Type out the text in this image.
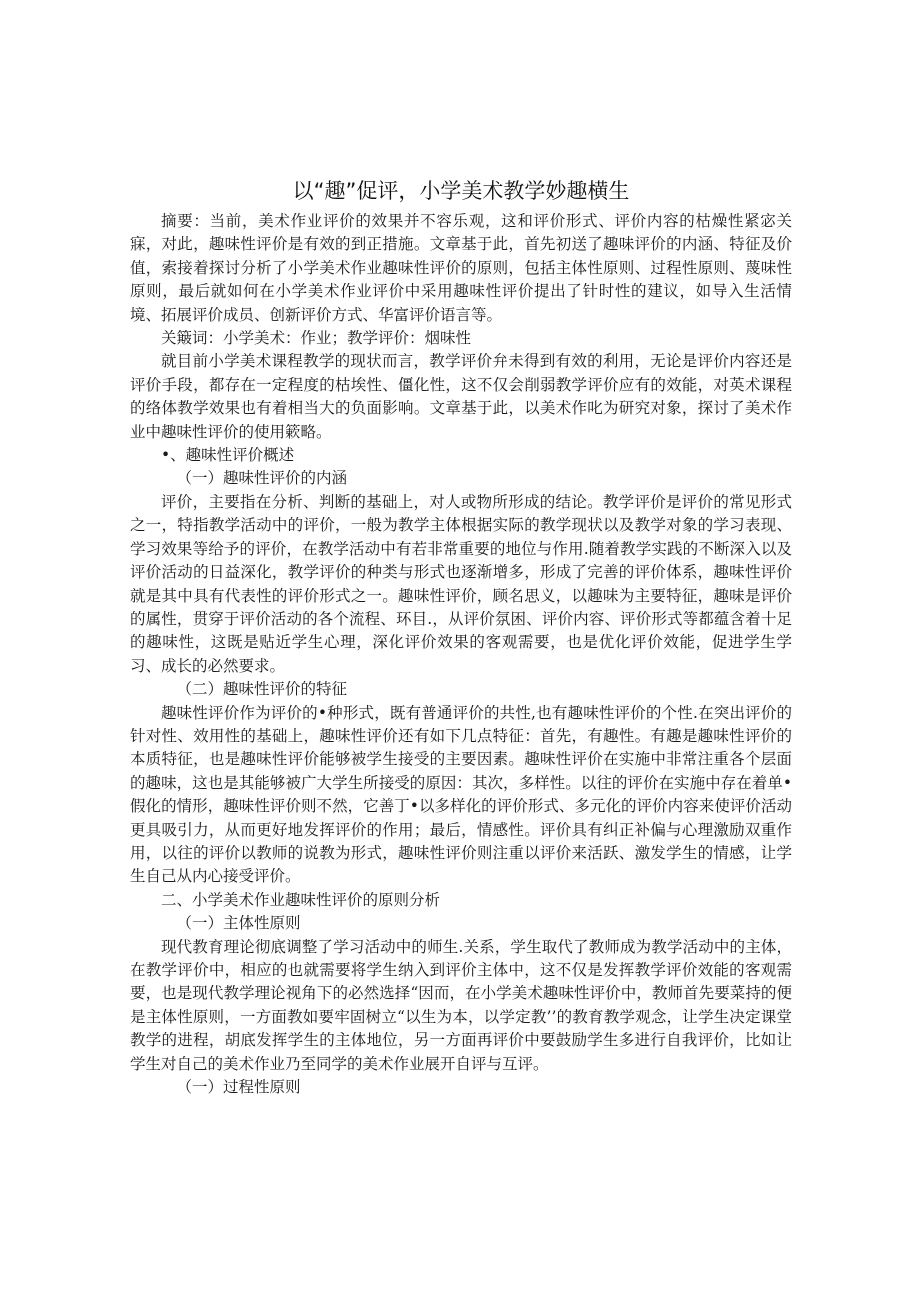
以“趣”促评，小学美术教学妙趣横生

摘要：当前，美术作业评价的效果并不容乐观，这和评价形式、评价内容的枯燥性紧宓关寐，对此，趣味性评价是有效的到正措施。文章基于此，首先初送了趣味评价的内涵、特征及价值，索接着探讨分析了小学美术作业趣味性评价的原则，包括主体性原则、过程性原则、蔑味性原则，最后就如何在小学美术作业评价中采用趣味性评价提出了针时性的建议，如导入生活情境、拓展评价成员、创新评价方式、华富评价语言等。

关簸词：小学美术：作业；教学评价：烟味性

就目前小学美术课程教学的现状而言，教学评价弁未得到有效的利用，无论是评价内容还是评价手段，都存在一定程度的枯埃性、僵化性，这不仅会削弱教学评价应有的效能，对英术课程的络体教学效果也有着相当大的负面影响。文章基于此，以美术作叱为研究对象，探讨了美术作业中趣味性评价的使用簌略。

•、趣味性评价概述

（一）趣味性评价的内涵

评价，主要指在分析、判断的基础上，对人或物所形成的结论。教学评价是评价的常见形式之一，特指教学活动中的评价，一般为教学主体根据实际的教学现状以及教学对象的学习表现、学习效果等给予的评价，在教学活动中有若非常重要的地位与作用.随着教学实践的不断深入以及评价活动的日益深化，教学评价的种类与形式也逐渐增多，形成了完善的评价体系，趣味性评价就是其中具有代表性的评价形式之一。趣味性评价，顾名思义，以趣味为主要特征，趣味是评价的属性，贯穿于评价活动的各个流程、环目.，从评价氛困、评价内容、评价形式等都蕴含着十足的趣味性，这既是贴近学生心理，深化评价效果的客观需要，也是优化评价效能，促进学生学习、成长的必然要求。

（二）趣味性评价的特征

趣味性评价作为评价的•种形式，既有普通评价的共性,也有趣味性评价的个性.在突出评价的针对性、效用性的基础上，趣味性评价还有如下几点特征：首先，有趣性。有趣是趣味性评价的本质特征，也是趣味性评价能够被学生接受的主要因素。趣味性评价在实施中非常注重各个层面的趣味，这也是其能够被广大学生所接受的原因：其次，多样性。以往的评价在实施中存在着单•假化的情形，趣味性评价则不然，它善丁•以多样化的评价形式、多元化的评价内容来使评价活动更具吸引力，从而更好地发挥评价的作用；最后，情感性。评价具有纠正补偏与心理激励双重作用，以往的评价以教师的说教为形式，趣味性评价则注重以评价来活跃、激发学生的情感，让学生自己从内心接受评价。

二、小学美术作业趣味性评价的原则分析

（一）主体性原则

现代教育理论彻底调整了学习活动中的师生.关系，学生取代了教师成为教学活动中的主体，在教学评价中，相应的也就需要将学生纳入到评价主体中，这不仅是发挥教学评价效能的客观需要，也是现代教学理论视角下的必然选择“因而，在小学美术趣味性评价中，教师首先要菜持的便是主体性原则，一方面教如要牢固树立“以生为本，以学定教’’的教育教学观念，让学生决定课堂教学的进程，胡底发挥学生的主体地位，另一方面再评价中要鼓励学生多进行自我评价，比如让学生对自己的美术作业乃至同学的美术作业展开自评与互评。

（一）过程性原则
